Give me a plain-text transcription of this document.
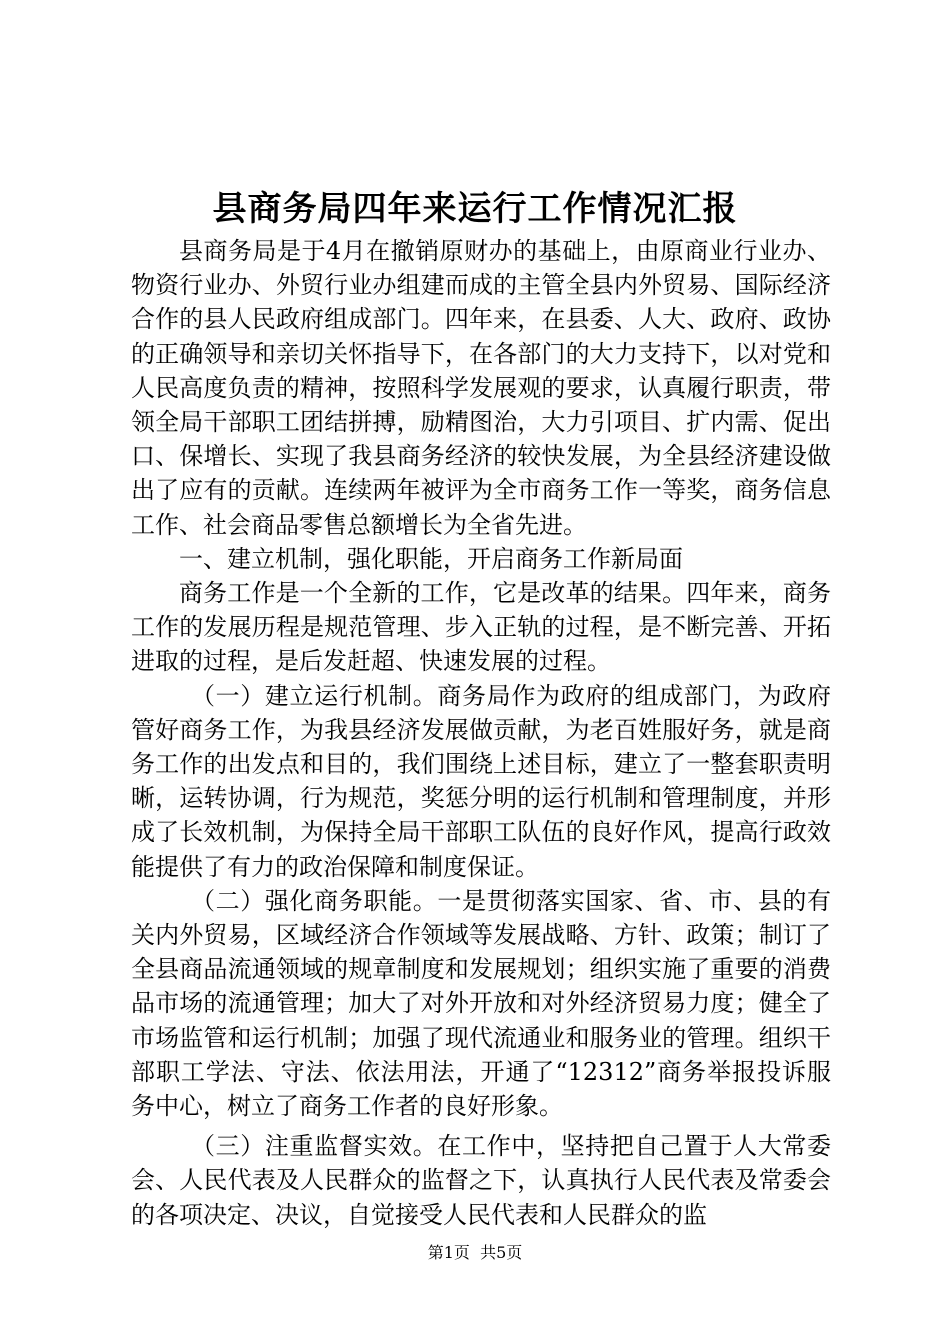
县商务局四年来运行工作情况汇报

县商务局是于4月在撤销原财办的基础上，由原商业行业办、物资行业办、外贸行业办组建而成的主管全县内外贸易、国际经济合作的县人民政府组成部门。四年来，在县委、人大、政府、政协的正确领导和亲切关怀指导下，在各部门的大力支持下，以对党和人民高度负责的精神，按照科学发展观的要求，认真履行职责，带领全局干部职工团结拼搏，励精图治，大力引项目、扩内需、促出口、保增长、实现了我县商务经济的较快发展，为全县经济建设做出了应有的贡献。连续两年被评为全市商务工作一等奖，商务信息工作、社会商品零售总额增长为全省先进。

一、建立机制，强化职能，开启商务工作新局面

商务工作是一个全新的工作，它是改革的结果。四年来，商务工作的发展历程是规范管理、步入正轨的过程，是不断完善、开拓进取的过程，是后发赶超、快速发展的过程。

（一）建立运行机制。商务局作为政府的组成部门，为政府管好商务工作，为我县经济发展做贡献，为老百姓服好务，就是商务工作的出发点和目的，我们围绕上述目标，建立了一整套职责明晰，运转协调，行为规范，奖惩分明的运行机制和管理制度，并形成了长效机制，为保持全局干部职工队伍的良好作风，提高行政效能提供了有力的政治保障和制度保证。

（二）强化商务职能。一是贯彻落实国家、省、市、县的有关内外贸易，区域经济合作领域等发展战略、方针、政策；制订了全县商品流通领域的规章制度和发展规划；组织实施了重要的消费品市场的流通管理；加大了对外开放和对外经济贸易力度；健全了市场监管和运行机制；加强了现代流通业和服务业的管理。组织干部职工学法、守法、依法用法，开通了“12312”商务举报投诉服务中心，树立了商务工作者的良好形象。

（三）注重监督实效。在工作中，坚持把自己置于人大常委会、人民代表及人民群众的监督之下，认真执行人民代表及常委会的各项决定、决议，自觉接受人民代表和人民群众的监

第1页  共5页
